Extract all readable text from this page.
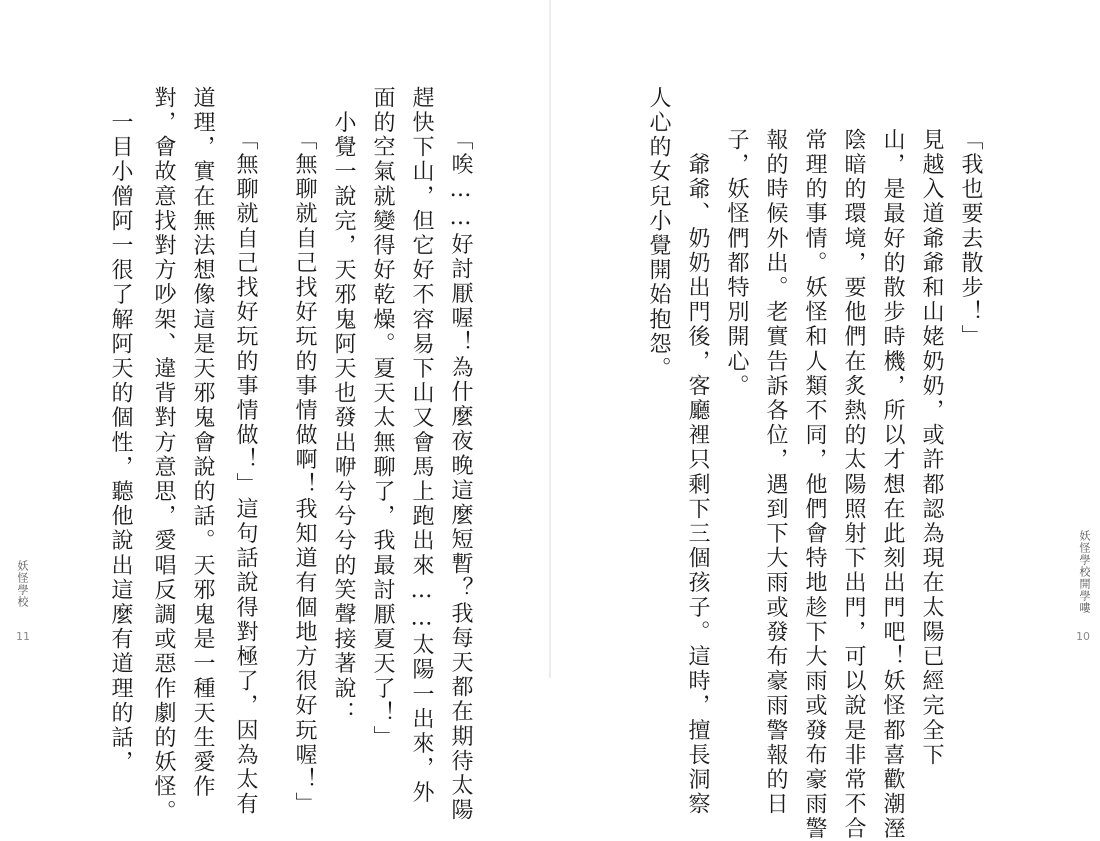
「我也要去散步！」
見越入道爺爺和山姥奶奶，或許都認為現在太陽已經完全下
山，是最好的散步時機，所以才想在此刻出門吧！妖怪都喜歡潮溼
陰暗的環境，要他們在炙熱的太陽照射下出門，可以說是非常不合
常理的事情。妖怪和人類不同，他們會特地趁下大雨或發布豪雨警
報的時候外出。老實告訴各位，遇到下大雨或發布豪雨警報的日
子，妖怪們都特別開心。
　爺爺、奶奶出門後，客廳裡只剩下三個孩子。這時，擅長洞察
人心的女兒小覺開始抱怨。
妖怪學校開學嘍
10
「唉……好討厭喔！為什麼夜晚這麼短暫？我每天都在期待太陽
趕快下山，但它好不容易下山又會馬上跑出來……太陽一出來，外
面的空氣就變得好乾燥。夏天太無聊了，我最討厭夏天了！」
　小覺一說完，天邪鬼阿天也發出咿兮兮兮的笑聲接著說：
「無聊就自己找好玩的事情做啊！我知道有個地方很好玩喔！」
「無聊就自己找好玩的事情做！」這句話說得對極了，因為太有
道理，實在無法想像這是天邪鬼會說的話。天邪鬼是一種天生愛作
對，會故意找對方吵架、違背對方意思，愛唱反調或惡作劇的妖怪。
　一目小僧阿一很了解阿天的個性，聽他說出這麼有道理的話，
妖怪學校
11
